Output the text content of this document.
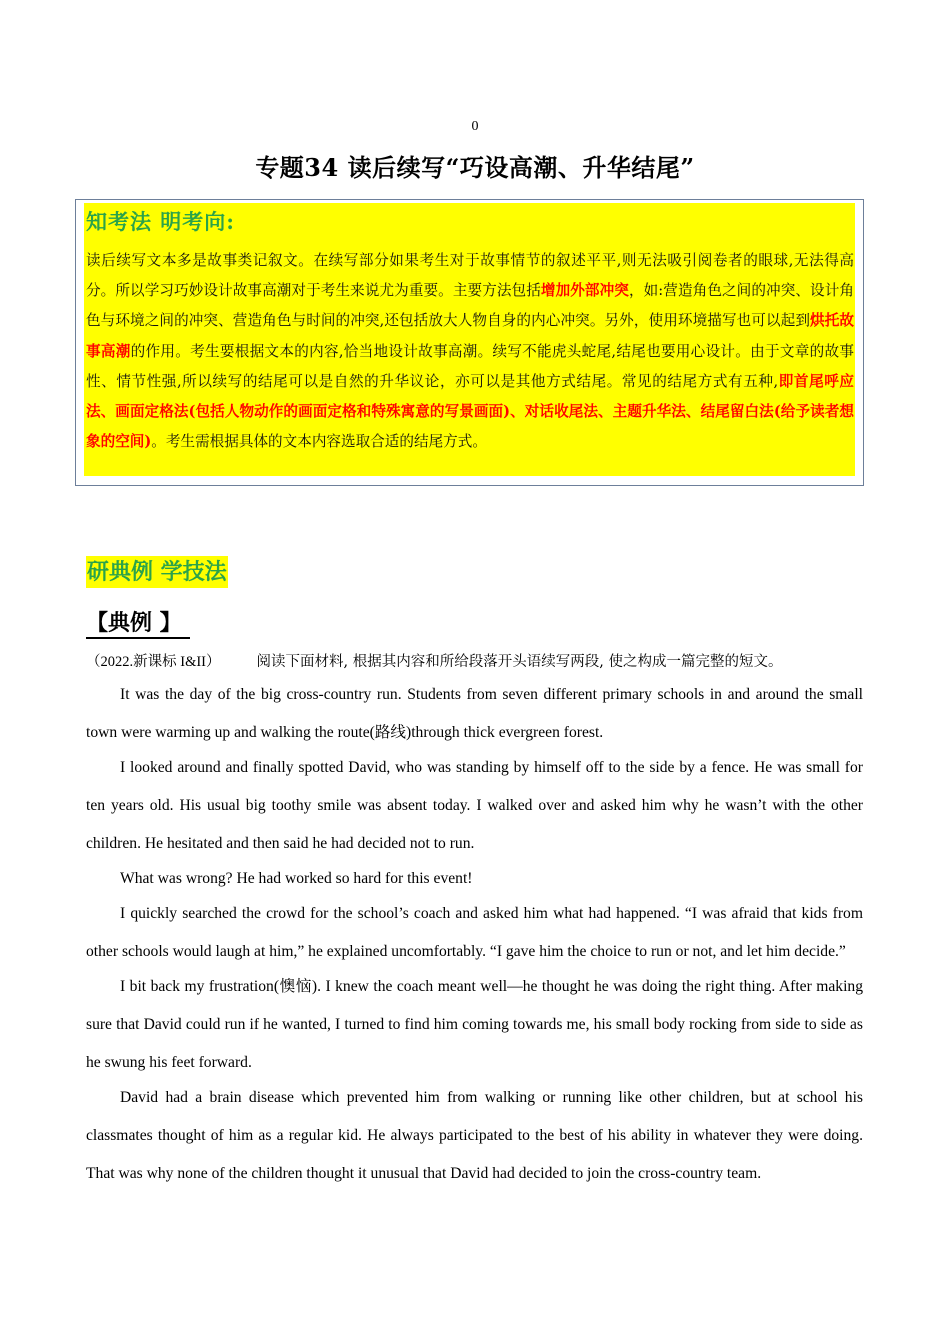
0
专题34 读后续写“巧设高潮、升华结尾”
知考法 明考向:
读后续写文本多是故事类记叙文。在续写部分如果考生对于故事情节的叙述平平,则无法吸引阅卷者的眼球,无法得高分。所以学习巧妙设计故事高潮对于考生来说尤为重要。主要方法包括增加外部冲突，如:营造角色之间的冲突、设计角色与环境之间的冲突、营造角色与时间的冲突,还包括放大人物自身的内心冲突。另外，使用环境描写也可以起到烘托故事高潮的作用。考生要根据文本的内容,恰当地设计故事高潮。续写不能虎头蛇尾,结尾也要用心设计。由于文章的故事性、情节性强,所以续写的结尾可以是自然的升华议论，亦可以是其他方式结尾。常见的结尾方式有五种,即首尾呼应法、画面定格法(包括人物动作的画面定格和特殊寓意的写景画面)、对话收尾法、主题升华法、结尾留白法(给予读者想象的空间)。考生需根据具体的文本内容选取合适的结尾方式。
研典例 学技法
【典例 】
（2022.新课标 I&II） 阅读下面材料, 根据其内容和所给段落开头语续写两段, 使之构成一篇完整的短文。

It was the day of the big cross-country run. Students from seven different primary schools in and around the small town were warming up and walking the route(路线)through thick evergreen forest.

I looked around and finally spotted David, who was standing by himself off to the side by a fence. He was small for ten years old. His usual big toothy smile was absent today. I walked over and asked him why he wasn’t with the other children. He hesitated and then said he had decided not to run.

What was wrong? He had worked so hard for this event!

I quickly searched the crowd for the school’s coach and asked him what had happened. “I was afraid that kids from other schools would laugh at him,” he explained uncomfortably. “I gave him the choice to run or not, and let him decide.”

I bit back my frustration(懊恼). I knew the coach meant well—he thought he was doing the right thing. After making sure that David could run if he wanted, I turned to find him coming towards me, his small body rocking from side to side as he swung his feet forward.

David had a brain disease which prevented him from walking or running like other children, but at school his classmates thought of him as a regular kid. He always participated to the best of his ability in whatever they were doing. That was why none of the children thought it unusual that David had decided to join the cross-country team.
